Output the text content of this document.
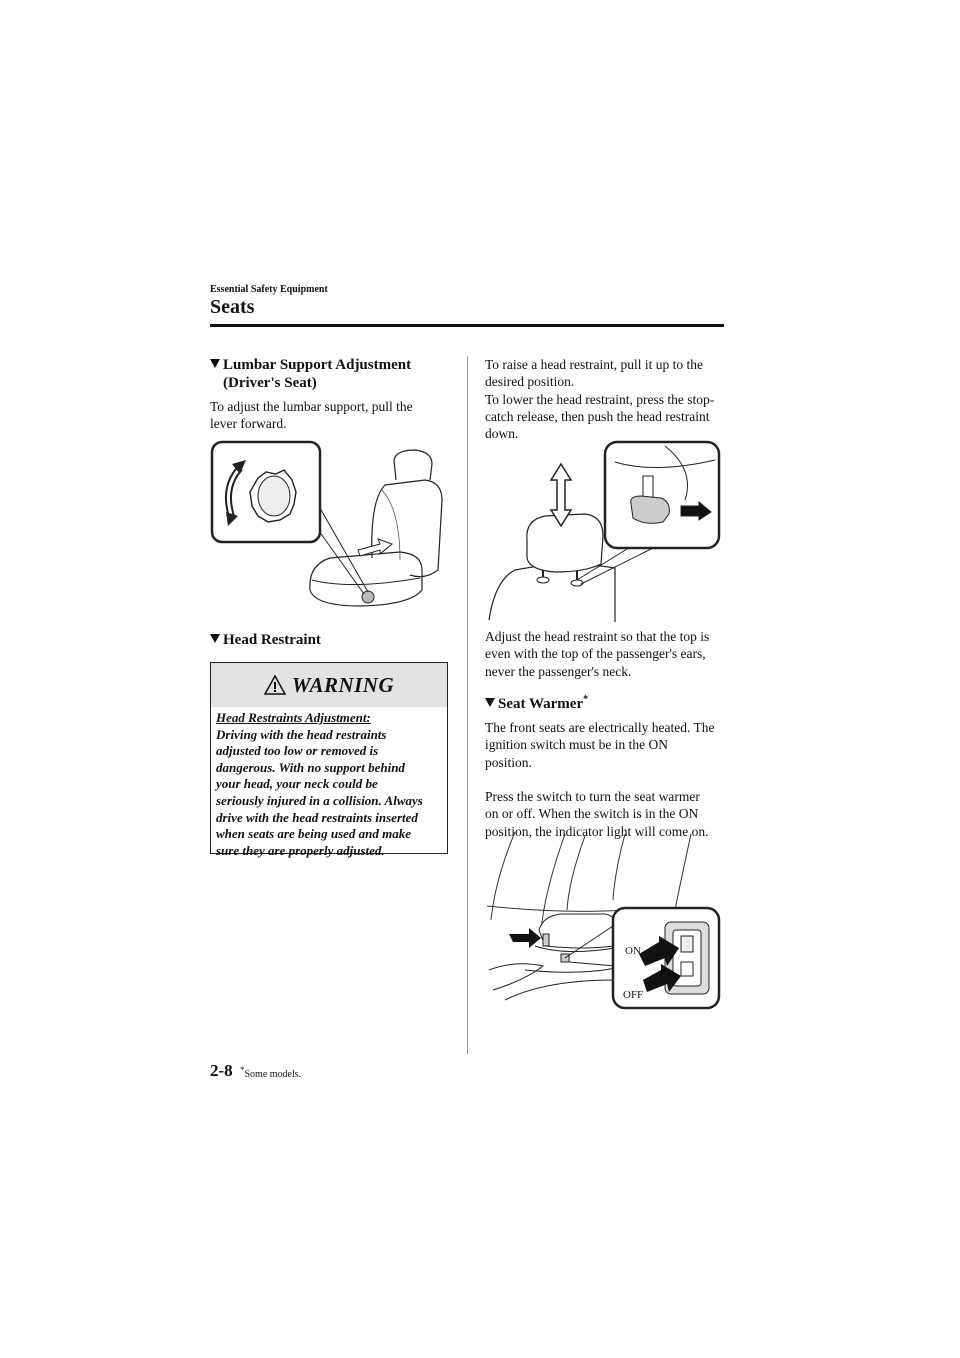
Essential Safety Equipment
Seats
Lumbar Support Adjustment
(Driver's Seat)
To adjust the lumbar support, pull the
lever forward.
Head Restraint
WARNING
Head Restraints Adjustment:
Driving with the head restraints
adjusted too low or removed is
dangerous. With no support behind
your head, your neck could be
seriously injured in a collision. Always
drive with the head restraints inserted
when seats are being used and make
sure they are properly adjusted.
To raise a head restraint, pull it up to the
desired position.
To lower the head restraint, press the stop-
catch release, then push the head restraint
down.
Adjust the head restraint so that the top is
even with the top of the passenger's ears,
never the passenger's neck.
Seat Warmer*
The front seats are electrically heated. The
ignition switch must be in the ON
position.
Press the switch to turn the seat warmer
on or off. When the switch is in the ON
position, the indicator light will come on.
ON
OFF
2-8 *Some models.
